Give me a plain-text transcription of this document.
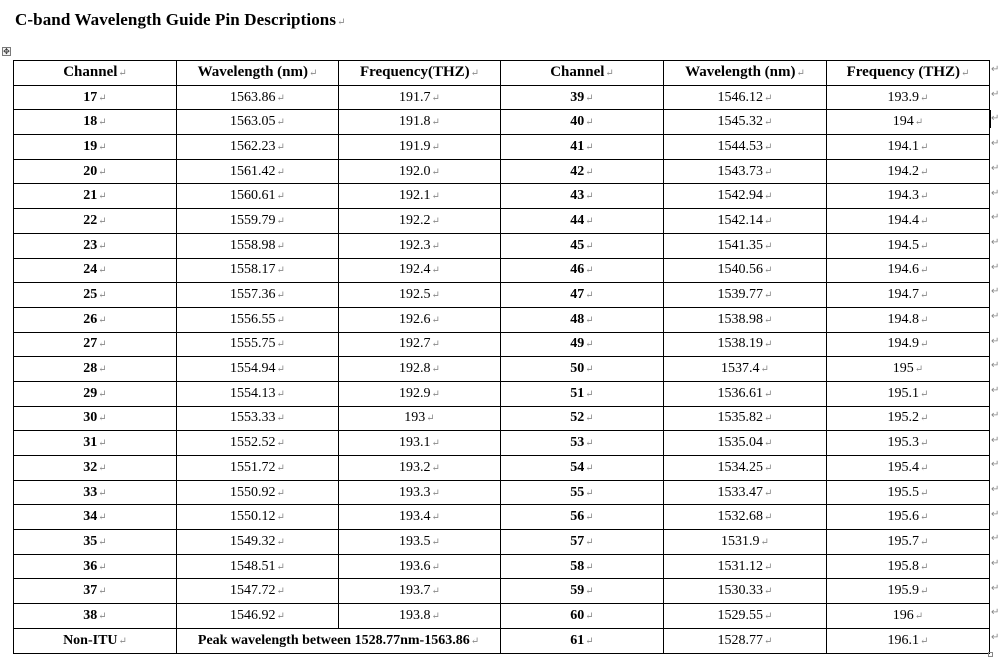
C-band Wavelength Guide Pin Descriptions↵
✥
Channel↵	Wavelength (nm)↵	Frequency(THZ)↵	Channel↵	Wavelength (nm)↵	Frequency (THZ)↵
17↵	1563.86↵	191.7↵	39↵	1546.12↵	193.9↵
18↵	1563.05↵	191.8↵	40↵	1545.32↵	194↵
19↵	1562.23↵	191.9↵	41↵	1544.53↵	194.1↵
20↵	1561.42↵	192.0↵	42↵	1543.73↵	194.2↵
21↵	1560.61↵	192.1↵	43↵	1542.94↵	194.3↵
22↵	1559.79↵	192.2↵	44↵	1542.14↵	194.4↵
23↵	1558.98↵	192.3↵	45↵	1541.35↵	194.5↵
24↵	1558.17↵	192.4↵	46↵	1540.56↵	194.6↵
25↵	1557.36↵	192.5↵	47↵	1539.77↵	194.7↵
26↵	1556.55↵	192.6↵	48↵	1538.98↵	194.8↵
27↵	1555.75↵	192.7↵	49↵	1538.19↵	194.9↵
28↵	1554.94↵	192.8↵	50↵	1537.4↵	195↵
29↵	1554.13↵	192.9↵	51↵	1536.61↵	195.1↵
30↵	1553.33↵	193↵	52↵	1535.82↵	195.2↵
31↵	1552.52↵	193.1↵	53↵	1535.04↵	195.3↵
32↵	1551.72↵	193.2↵	54↵	1534.25↵	195.4↵
33↵	1550.92↵	193.3↵	55↵	1533.47↵	195.5↵
34↵	1550.12↵	193.4↵	56↵	1532.68↵	195.6↵
35↵	1549.32↵	193.5↵	57↵	1531.9↵	195.7↵
36↵	1548.51↵	193.6↵	58↵	1531.12↵	195.8↵
37↵	1547.72↵	193.7↵	59↵	1530.33↵	195.9↵
38↵	1546.92↵	193.8↵	60↵	1529.55↵	196↵
Non-ITU↵	Peak wavelength between 1528.77nm-1563.86↵		61↵	1528.77↵	196.1↵
↵
↵
↵
↵
↵
↵
↵
↵
↵
↵
↵
↵
↵
↵
↵
↵
↵
↵
↵
↵
↵
↵
↵
↵
